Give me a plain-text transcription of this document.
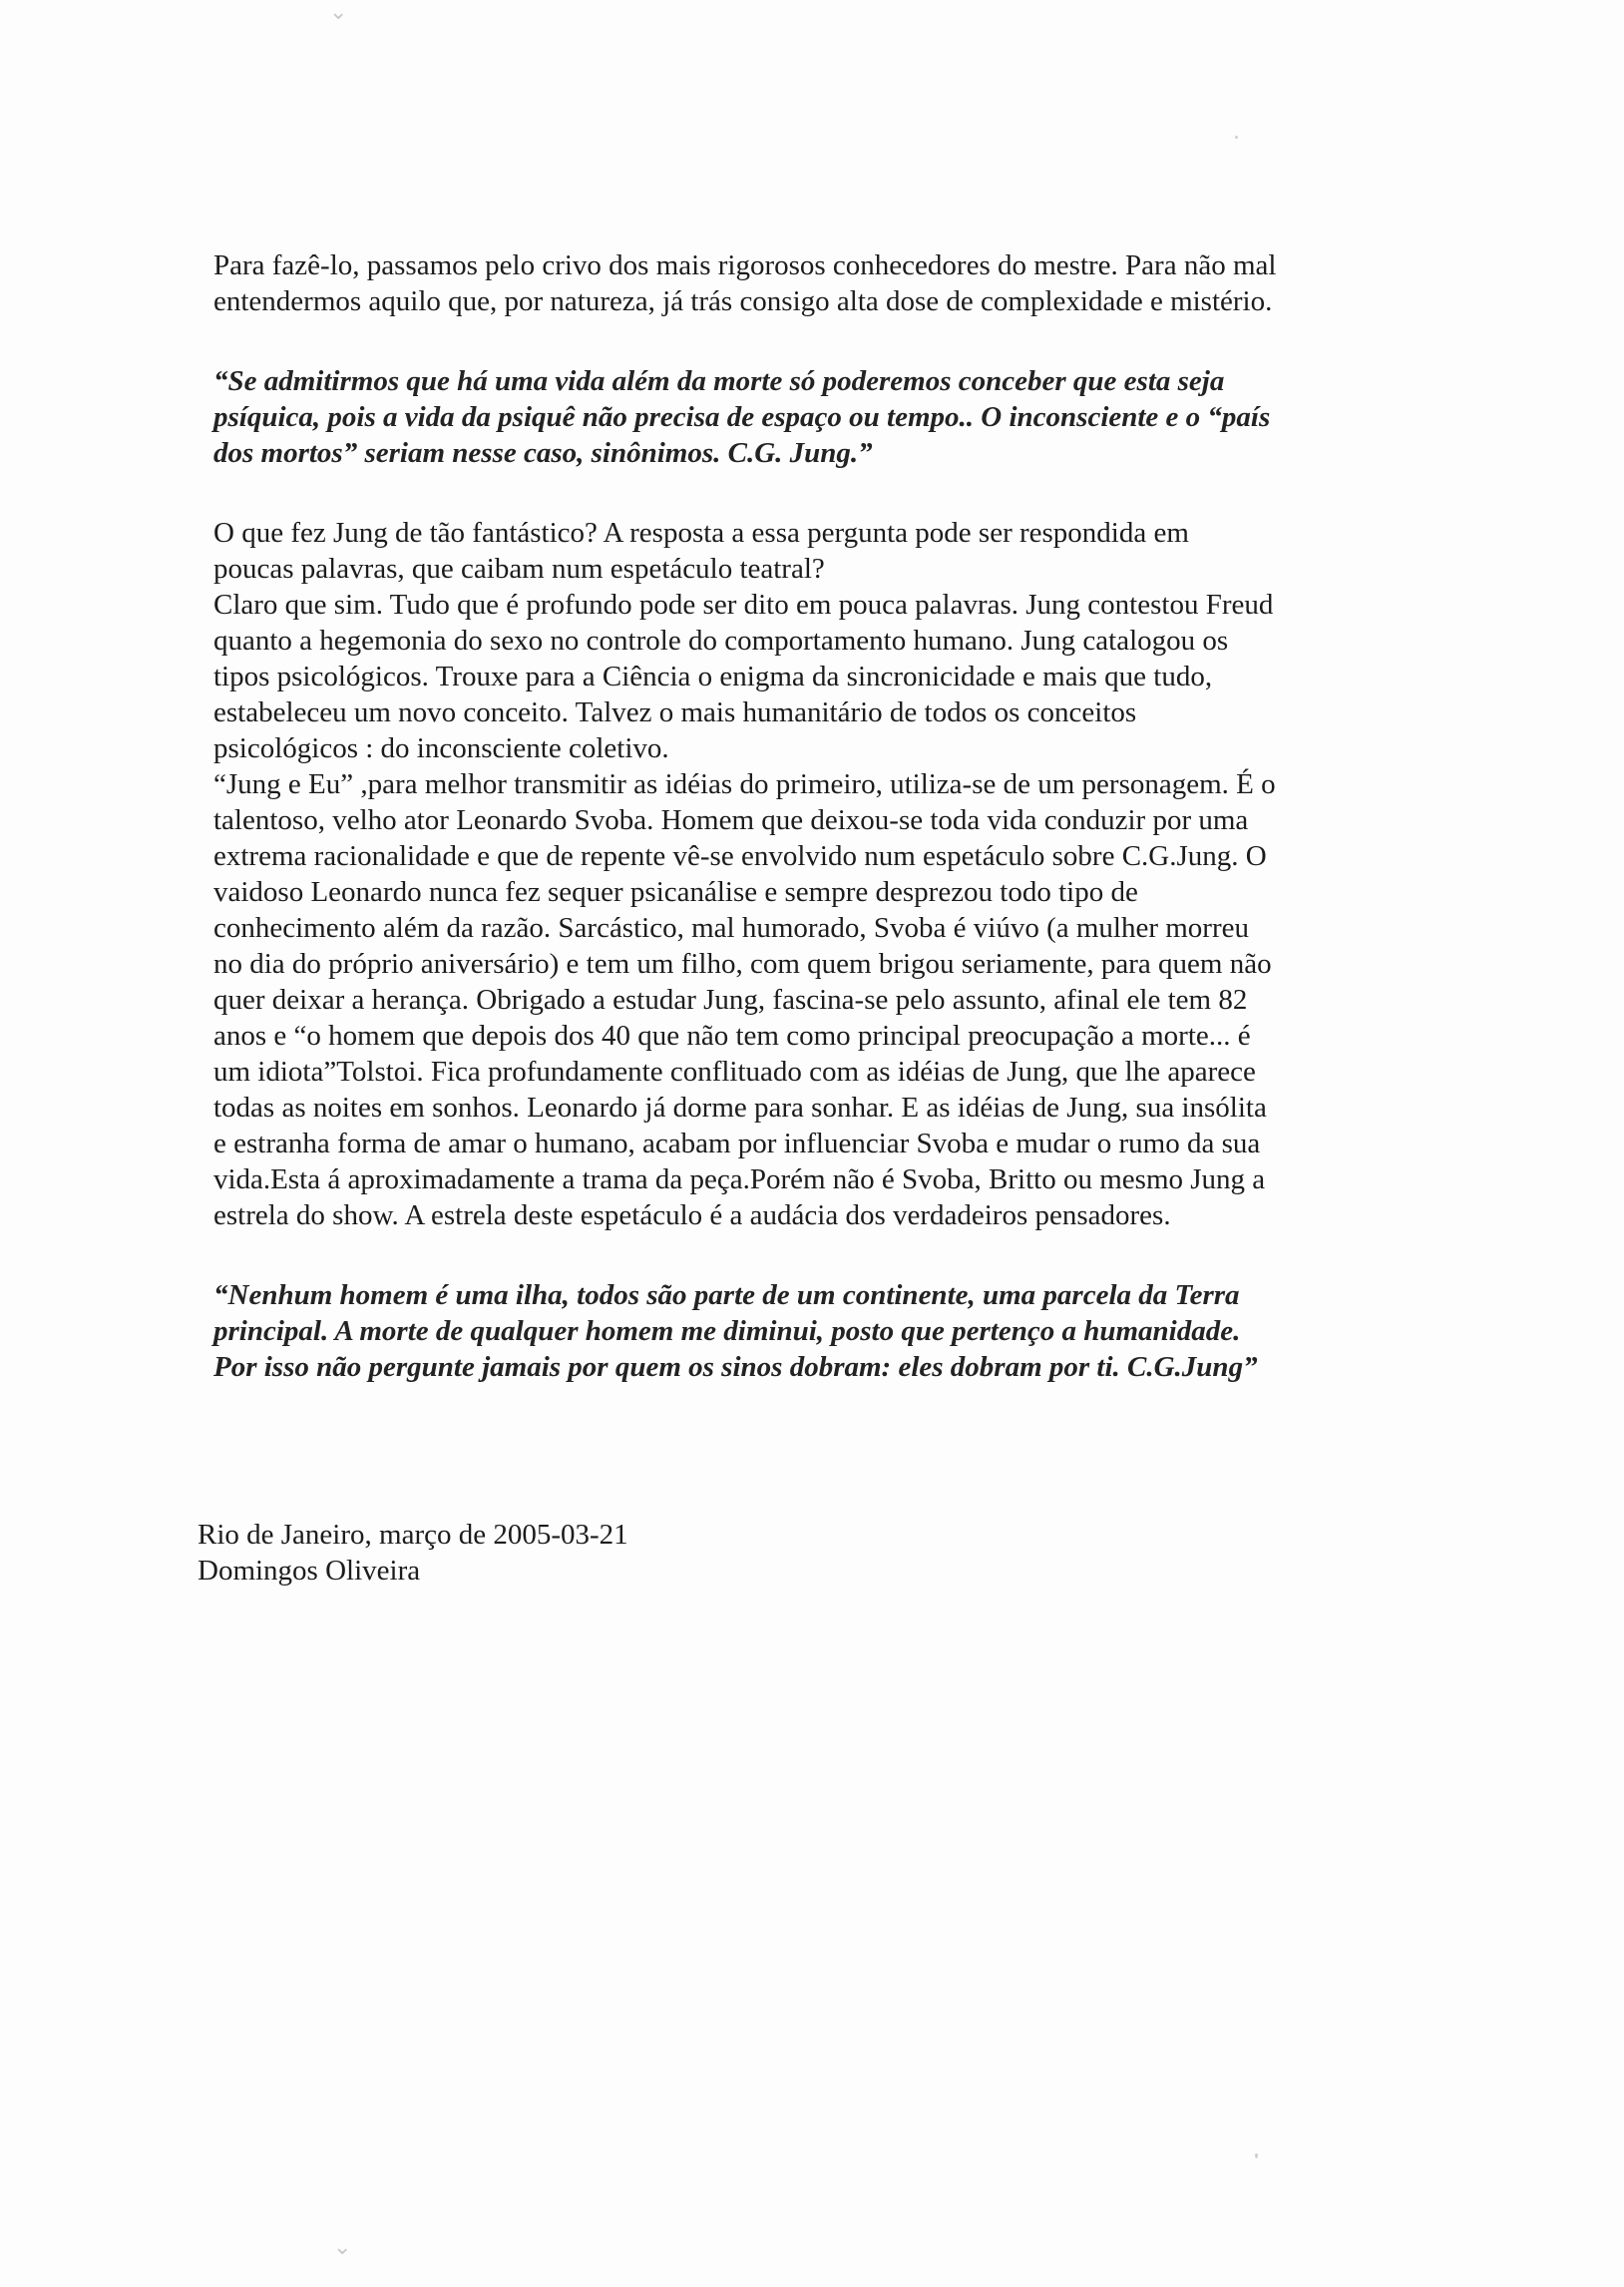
Para fazê-lo, passamos pelo crivo dos mais rigorosos conhecedores do mestre. Para não mal

entendermos aquilo que, por natureza, já trás consigo alta dose de complexidade e mistério.

“Se admitirmos que há uma vida além da morte só poderemos conceber que esta seja

psíquica, pois a vida da psiquê não precisa de espaço ou tempo.. O inconsciente e o “país

dos mortos” seriam nesse caso, sinônimos. C.G. Jung.”

O que fez Jung de tão fantástico? A resposta a essa pergunta pode ser respondida em

poucas palavras, que caibam num espetáculo teatral?

Claro que sim. Tudo que é profundo pode ser dito em pouca palavras. Jung contestou Freud

quanto a hegemonia do sexo no controle do comportamento humano. Jung catalogou os

tipos psicológicos. Trouxe para a Ciência o enigma da sincronicidade e mais que tudo,

estabeleceu um novo conceito. Talvez o mais humanitário de todos os conceitos

psicológicos : do inconsciente coletivo.

“Jung e Eu” ,para melhor transmitir as idéias do primeiro, utiliza-se de um personagem. É o

talentoso, velho ator Leonardo Svoba. Homem que deixou-se toda vida conduzir por uma

extrema racionalidade e que de repente vê-se envolvido num espetáculo sobre C.G.Jung. O

vaidoso Leonardo nunca fez sequer psicanálise e sempre desprezou todo tipo de

conhecimento além da razão. Sarcástico, mal humorado, Svoba é viúvo (a mulher morreu

no dia do próprio aniversário) e tem um filho, com quem brigou seriamente, para quem não

quer deixar a herança. Obrigado a estudar Jung, fascina-se pelo assunto, afinal ele tem 82

anos e “o homem que depois dos 40 que não tem como principal preocupação a morte... é

um idiota”Tolstoi. Fica profundamente conflituado com as idéias de Jung, que lhe aparece

todas as noites em sonhos. Leonardo já dorme para sonhar. E as idéias de Jung, sua insólita

e estranha forma de amar o humano, acabam por influenciar Svoba e mudar o rumo da sua

vida.Esta á aproximadamente a trama da peça.Porém não é Svoba, Britto ou mesmo Jung a

estrela do show. A estrela deste espetáculo é a audácia dos verdadeiros pensadores.

“Nenhum homem é uma ilha, todos são parte de um continente, uma parcela da Terra

principal. A morte de qualquer homem me diminui, posto que pertenço a humanidade.

Por isso não pergunte jamais por quem os sinos dobram: eles dobram por ti. C.G.Jung”

Rio de Janeiro, março de 2005-03-21

Domingos Oliveira

⌄
⌄
